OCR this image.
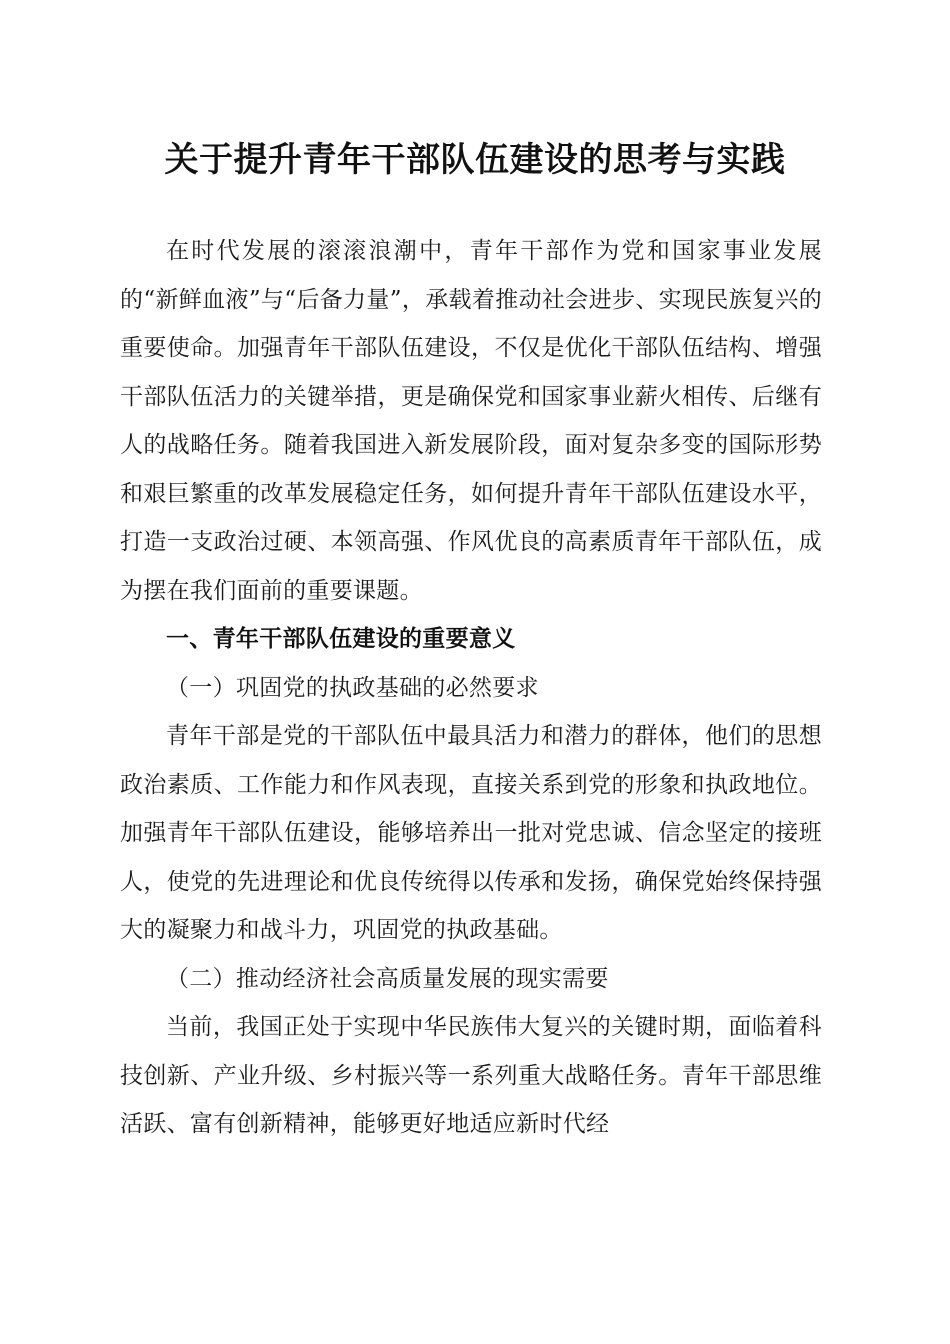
关于提升青年干部队伍建设的思考与实践

在时代发展的滚滚浪潮中，青年干部作为党和国家事业发展的“新鲜血液”与“后备力量”，承载着推动社会进步、实现民族复兴的重要使命。加强青年干部队伍建设，不仅是优化干部队伍结构、增强干部队伍活力的关键举措，更是确保党和国家事业薪火相传、后继有人的战略任务。随着我国进入新发展阶段，面对复杂多变的国际形势和艰巨繁重的改革发展稳定任务，如何提升青年干部队伍建设水平，打造一支政治过硬、本领高强、作风优良的高素质青年干部队伍，成为摆在我们面前的重要课题。

一、青年干部队伍建设的重要意义

（一）巩固党的执政基础的必然要求

青年干部是党的干部队伍中最具活力和潜力的群体，他们的思想政治素质、工作能力和作风表现，直接关系到党的形象和执政地位。加强青年干部队伍建设，能够培养出一批对党忠诚、信念坚定的接班人，使党的先进理论和优良传统得以传承和发扬，确保党始终保持强大的凝聚力和战斗力，巩固党的执政基础。

（二）推动经济社会高质量发展的现实需要

当前，我国正处于实现中华民族伟大复兴的关键时期，面临着科技创新、产业升级、乡村振兴等一系列重大战略任务。青年干部思维活跃、富有创新精神，能够更好地适应新时代经
